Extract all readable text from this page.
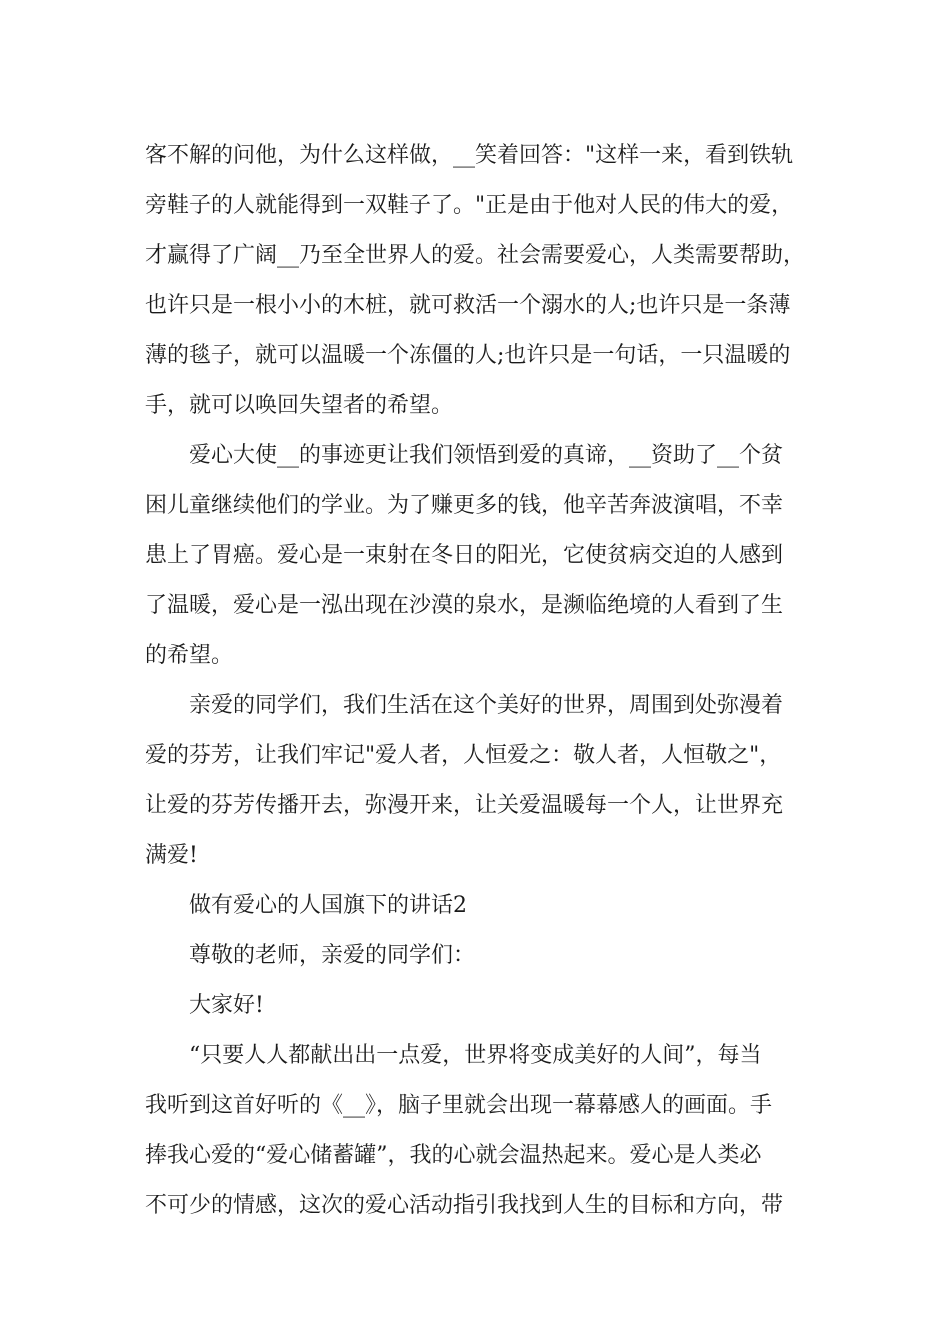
客不解的问他，为什么这样做，__笑着回答："这样一来，看到铁轨
旁鞋子的人就能得到一双鞋子了。"正是由于他对人民的伟大的爱，
才赢得了广阔__乃至全世界人的爱。社会需要爱心，人类需要帮助，
也许只是一根小小的木桩，就可救活一个溺水的人;也许只是一条薄
薄的毯子，就可以温暖一个冻僵的人;也许只是一句话，一只温暖的
手，就可以唤回失望者的希望。
爱心大使__的事迹更让我们领悟到爱的真谛，__资助了__个贫
困儿童继续他们的学业。为了赚更多的钱，他辛苦奔波演唱，不幸
患上了胃癌。爱心是一束射在冬日的阳光，它使贫病交迫的人感到
了温暖，爱心是一泓出现在沙漠的泉水，是濒临绝境的人看到了生
的希望。
亲爱的同学们，我们生活在这个美好的世界，周围到处弥漫着
爱的芬芳，让我们牢记"爱人者，人恒爱之：敬人者，人恒敬之"，
让爱的芬芳传播开去，弥漫开来，让关爱温暖每一个人，让世界充
满爱!
做有爱心的人国旗下的讲话2
尊敬的老师，亲爱的同学们：
大家好!
“只要人人都献出出一点爱，世界将变成美好的人间”，每当
我听到这首好听的《__》，脑子里就会出现一幕幕感人的画面。手
捧我心爱的“爱心储蓄罐”，我的心就会温热起来。爱心是人类必
不可少的情感，这次的爱心活动指引我找到人生的目标和方向，带
